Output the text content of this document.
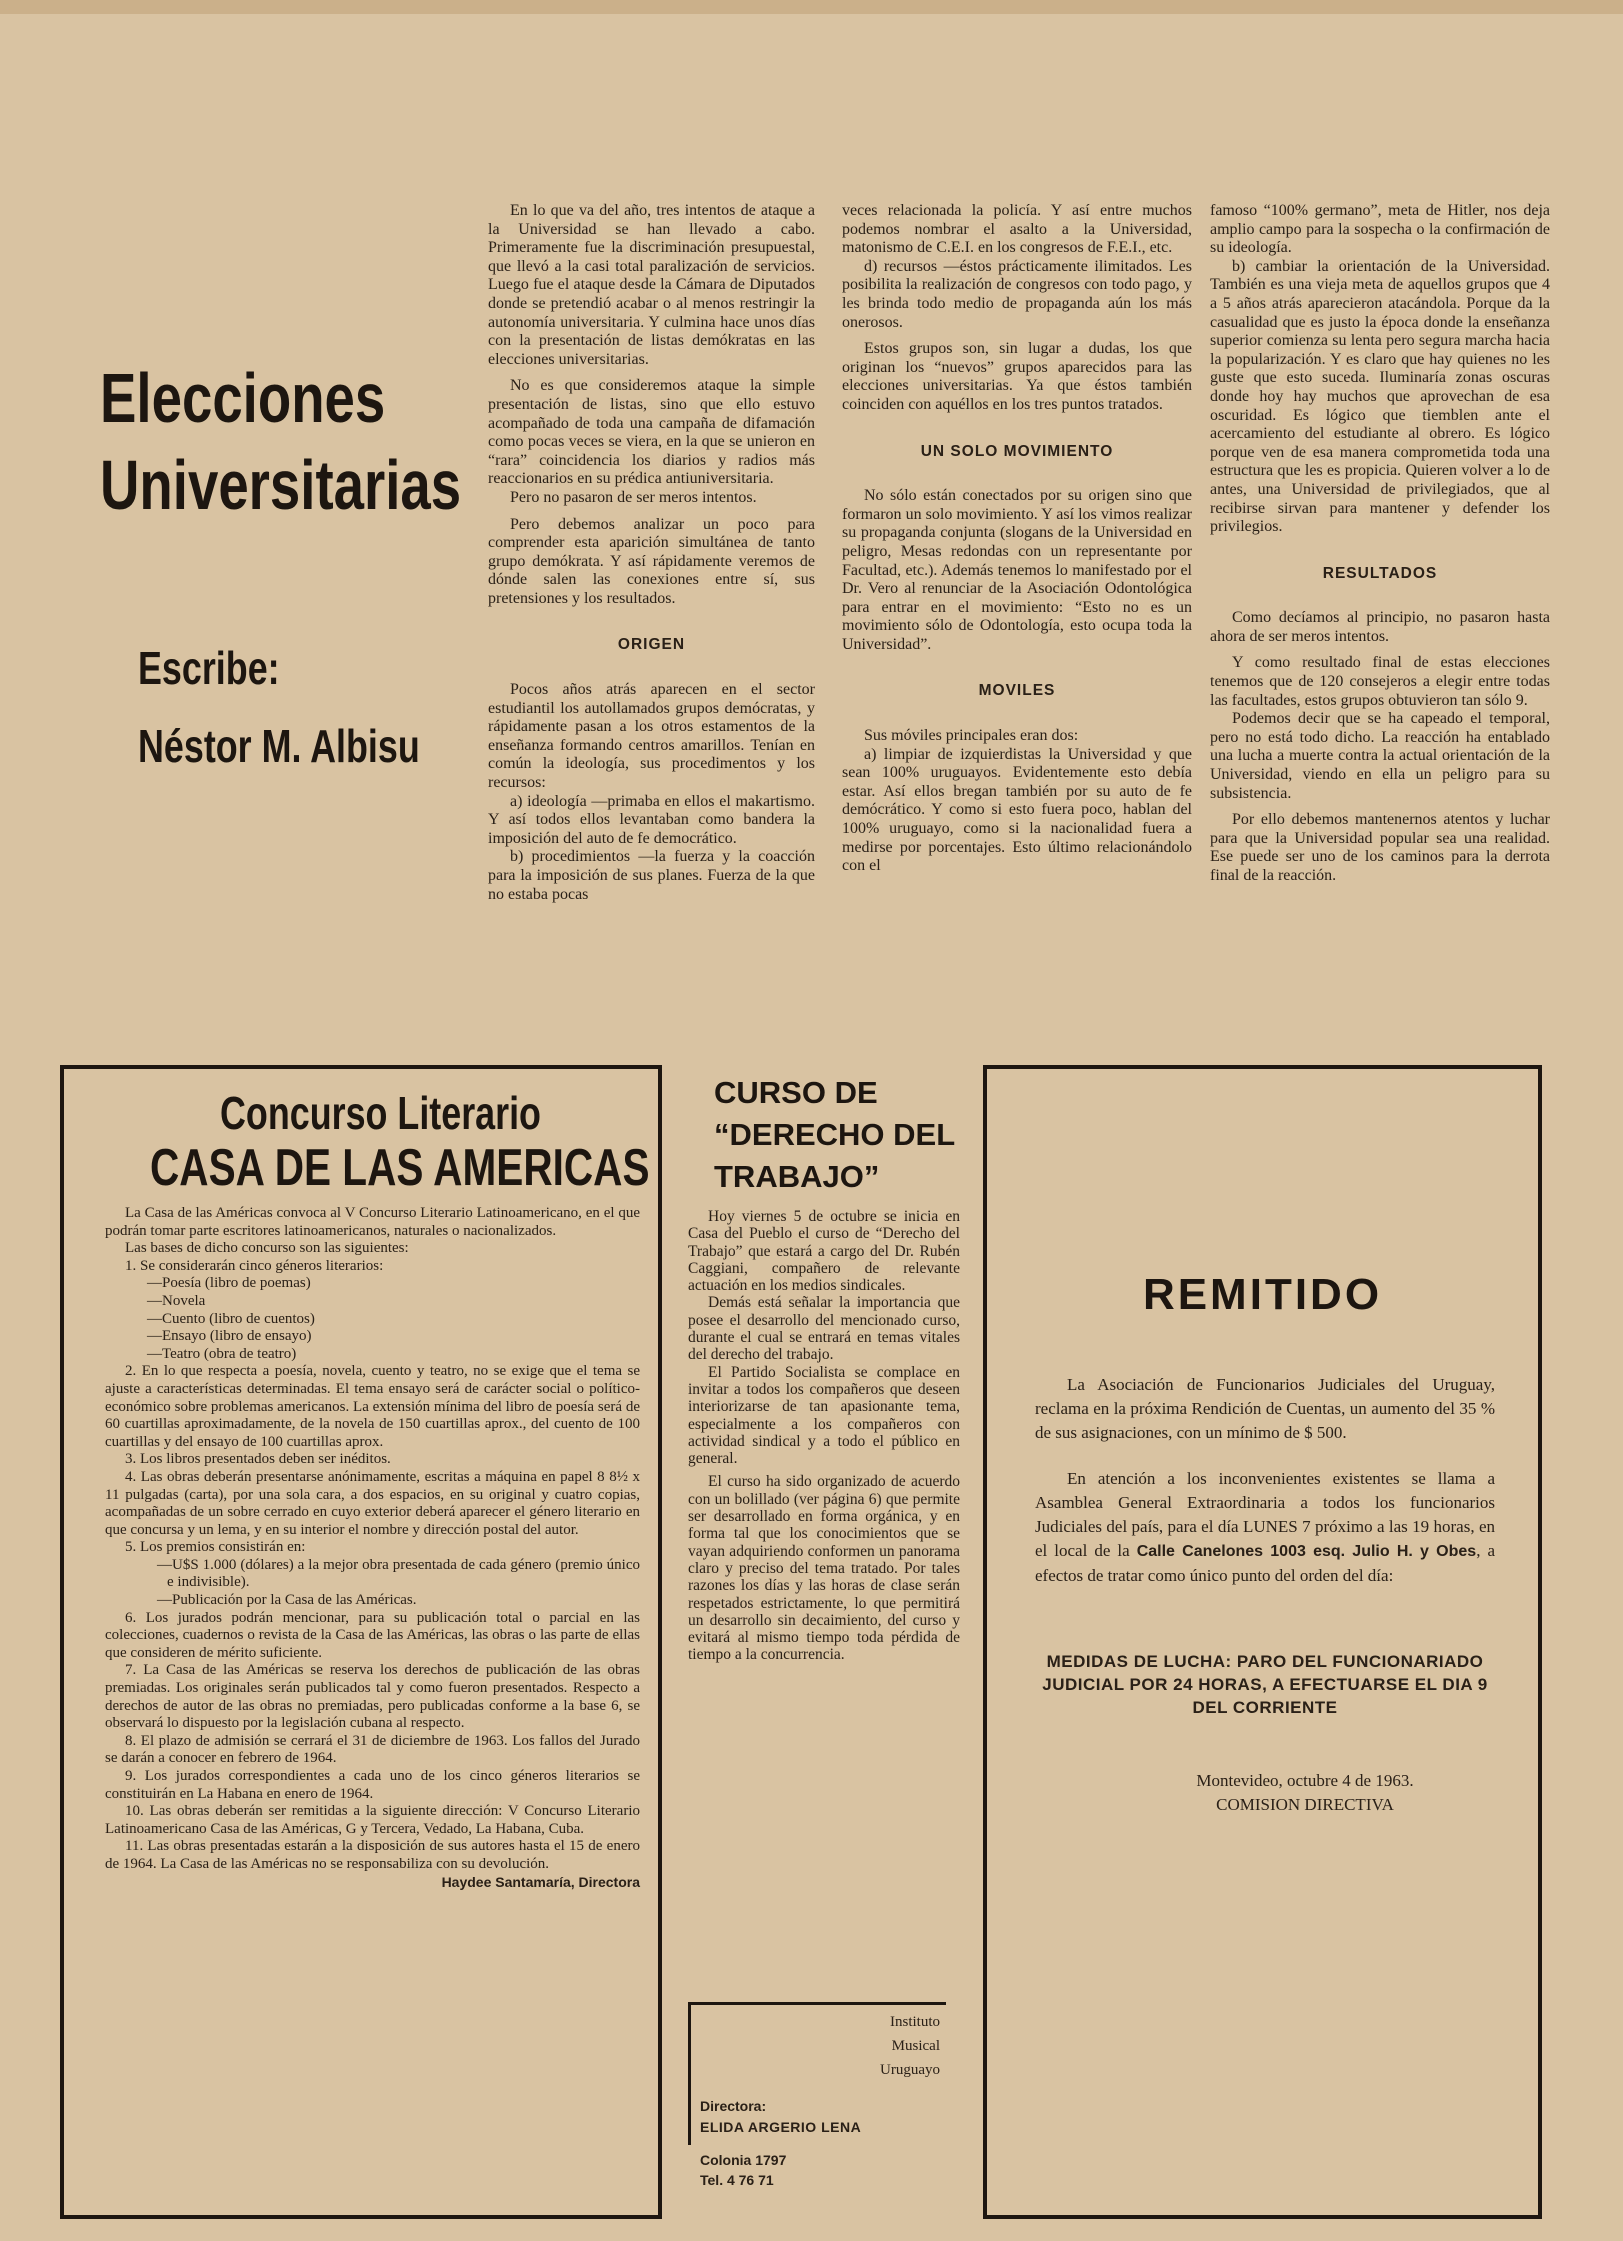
Elecciones
Universitarias
Escribe:
Néstor M. Albisu

En lo que va del año, tres intentos de ataque a la Universidad se han llevado a cabo. Primeramente fue la discriminación presupuestal, que llevó a la casi total paralización de servicios. Luego fue el ataque desde la Cámara de Diputados donde se pretendió acabar o al menos restringir la autonomía universitaria. Y culmina hace unos días con la presentación de listas demókratas en las elecciones universitarias.

No es que consideremos ataque la simple presentación de listas, sino que ello estuvo acompañado de toda una campaña de difamación como pocas veces se viera, en la que se unieron en “rara” coincidencia los diarios y radios más reaccionarios en su prédica antiuniversitaria.

Pero no pasaron de ser meros intentos.

Pero debemos analizar un poco para comprender esta aparición simultánea de tanto grupo demókrata. Y así rápidamente veremos de dónde salen las conexiones entre sí, sus pretensiones y los resultados.

ORIGEN

Pocos años atrás aparecen en el sector estudiantil los autollamados grupos demócratas, y rápidamente pasan a los otros estamentos de la enseñanza formando centros amarillos. Tenían en común la ideología, sus procedimentos y los recursos:

a) ideología —primaba en ellos el makartismo. Y así todos ellos levantaban como bandera la imposición del auto de fe democrático.

b) procedimientos —la fuerza y la coacción para la imposición de sus planes. Fuerza de la que no estaba pocas

veces relacionada la policía. Y así entre muchos podemos nombrar el asalto a la Universidad, matonismo de C.E.I. en los congresos de F.E.I., etc.

d) recursos —éstos prácticamente ilimitados. Les posibilita la realización de congresos con todo pago, y les brinda todo medio de propaganda aún los más onerosos.

Estos grupos son, sin lugar a dudas, los que originan los “nuevos” grupos aparecidos para las elecciones universitarias. Ya que éstos también coinciden con aquéllos en los tres puntos tratados.

UN SOLO MOVIMIENTO

No sólo están conectados por su origen sino que formaron un solo movimiento. Y así los vimos realizar su propaganda conjunta (slogans de la Universidad en peligro, Mesas redondas con un representante por Facultad, etc.). Además tenemos lo manifestado por el Dr. Vero al renunciar de la Asociación Odontológica para entrar en el movimiento: “Esto no es un movimiento sólo de Odontología, esto ocupa toda la Universidad”.

MOVILES

Sus móviles principales eran dos:

a) limpiar de izquierdistas la Universidad y que sean 100% uruguayos. Evidentemente esto debía estar. Así ellos bregan también por su auto de fe demócrático. Y como si esto fuera poco, hablan del 100% uruguayo, como si la nacionalidad fuera a medirse por porcentajes. Esto último relacionándolo con el

famoso “100% germano”, meta de Hitler, nos deja amplio campo para la sospecha o la confirmación de su ideología.

b) cambiar la orientación de la Universidad. También es una vieja meta de aquellos grupos que 4 a 5 años atrás aparecieron atacándola. Porque da la casualidad que es justo la época donde la enseñanza superior comienza su lenta pero segura marcha hacia la popularización. Y es claro que hay quienes no les guste que esto suceda. Iluminaría zonas oscuras donde hoy hay muchos que aprovechan de esa oscuridad. Es lógico que tiemblen ante el acercamiento del estudiante al obrero. Es lógico porque ven de esa manera comprometida toda una estructura que les es propicia. Quieren volver a lo de antes, una Universidad de privilegiados, que al recibirse sirvan para mantener y defender los privilegios.

RESULTADOS

Como decíamos al principio, no pasaron hasta ahora de ser meros intentos.

Y como resultado final de estas elecciones tenemos que de 120 consejeros a elegir entre todas las facultades, estos grupos obtuvieron tan sólo 9.

Podemos decir que se ha capeado el temporal, pero no está todo dicho. La reacción ha entablado una lucha a muerte contra la actual orientación de la Universidad, viendo en ella un peligro para su subsistencia.

Por ello debemos mantenernos atentos y luchar para que la Universidad popular sea una realidad. Ese puede ser uno de los caminos para la derrota final de la reacción.

Concurso Literario
CASA DE LAS AMERICAS

La Casa de las Américas convoca al V Concurso Literario Latinoamericano, en el que podrán tomar parte escritores latinoamericanos, naturales o nacionalizados.

Las bases de dicho concurso son las siguientes:

1. Se considerarán cinco géneros literarios:

—Poesía (libro de poemas)

—Novela

—Cuento (libro de cuentos)

—Ensayo (libro de ensayo)

—Teatro (obra de teatro)

2. En lo que respecta a poesía, novela, cuento y teatro, no se exige que el tema se ajuste a características determinadas. El tema ensayo será de carácter social o político-económico sobre problemas americanos. La extensión mínima del libro de poesía será de 60 cuartillas aproximadamente, de la novela de 150 cuartillas aprox., del cuento de 100 cuartillas y del ensayo de 100 cuartillas aprox.

3. Los libros presentados deben ser inéditos.

4. Las obras deberán presentarse anónimamente, escritas a máquina en papel 8 8½ x 11 pulgadas (carta), por una sola cara, a dos espacios, en su original y cuatro copias, acompañadas de un sobre cerrado en cuyo exterior deberá aparecer el género literario en que concursa y un lema, y en su interior el nombre y dirección postal del autor.

5. Los premios consistirán en:

—U$S 1.000 (dólares) a la mejor obra presentada de cada género (premio único e indivisible).

—Publicación por la Casa de las Américas.

6. Los jurados podrán mencionar, para su publicación total o parcial en las colecciones, cuadernos o revista de la Casa de las Américas, las obras o las parte de ellas que consideren de mérito suficiente.

7. La Casa de las Américas se reserva los derechos de publicación de las obras premiadas. Los originales serán publicados tal y como fueron presentados. Respecto a derechos de autor de las obras no premiadas, pero publicadas conforme a la base 6, se observará lo dispuesto por la legislación cubana al respecto.

8. El plazo de admisión se cerrará el 31 de diciembre de 1963. Los fallos del Jurado se darán a conocer en febrero de 1964.

9. Los jurados correspondientes a cada uno de los cinco géneros literarios se constituirán en La Habana en enero de 1964.

10. Las obras deberán ser remitidas a la siguiente dirección: V Concurso Literario Latinoamericano Casa de las Américas, G y Tercera, Vedado, La Habana, Cuba.

11. Las obras presentadas estarán a la disposición de sus autores hasta el 15 de enero de 1964. La Casa de las Américas no se responsabiliza con su devolución.

Haydee Santamaría, Directora
CURSO DE
“DERECHO DEL
TRABAJO”

Hoy viernes 5 de octubre se inicia en Casa del Pueblo el curso de “Derecho del Trabajo” que estará a cargo del Dr. Rubén Caggiani, compañero de relevante actuación en los medios sindicales.

Demás está señalar la importancia que posee el desarrollo del mencionado curso, durante el cual se entrará en temas vitales del derecho del trabajo.

El Partido Socialista se complace en invitar a todos los compañeros que deseen interiorizarse de tan apasionante tema, especialmente a los compañeros con actividad sindical y a todo el público en general.

El curso ha sido organizado de acuerdo con un bolillado (ver página 6) que permite ser desarrollado en forma orgánica, y en forma tal que los conocimientos que se vayan adquiriendo conformen un panorama claro y preciso del tema tratado. Por tales razones los días y las horas de clase serán respetados estrictamente, lo que permitirá un desarrollo sin decaimiento, del curso y evitará al mismo tiempo toda pérdida de tiempo a la concurrencia.

Instituto
Musical
Uruguayo
Directora:
ELIDA ARGERIO LENA
Colonia 1797
Tel. 4 76 71
REMITIDO

La Asociación de Funcionarios Judiciales del Uruguay, reclama en la próxima Rendición de Cuentas, un aumento del 35 % de sus asignaciones, con un mínimo de $ 500.

En atención a los inconvenientes existentes se llama a Asamblea General Extraordinaria a todos los funcionarios Judiciales del país, para el día LUNES 7 próximo a las 19 horas, en el local de la Calle Canelones 1003 esq. Julio H. y Obes, a efectos de tratar como único punto del orden del día:

MEDIDAS DE LUCHA: PARO DEL FUNCIONARIADO JUDICIAL POR 24 HORAS, A EFECTUARSE EL DIA 9 DEL CORRIENTE
Montevideo, octubre 4 de 1963.
COMISION DIRECTIVA
